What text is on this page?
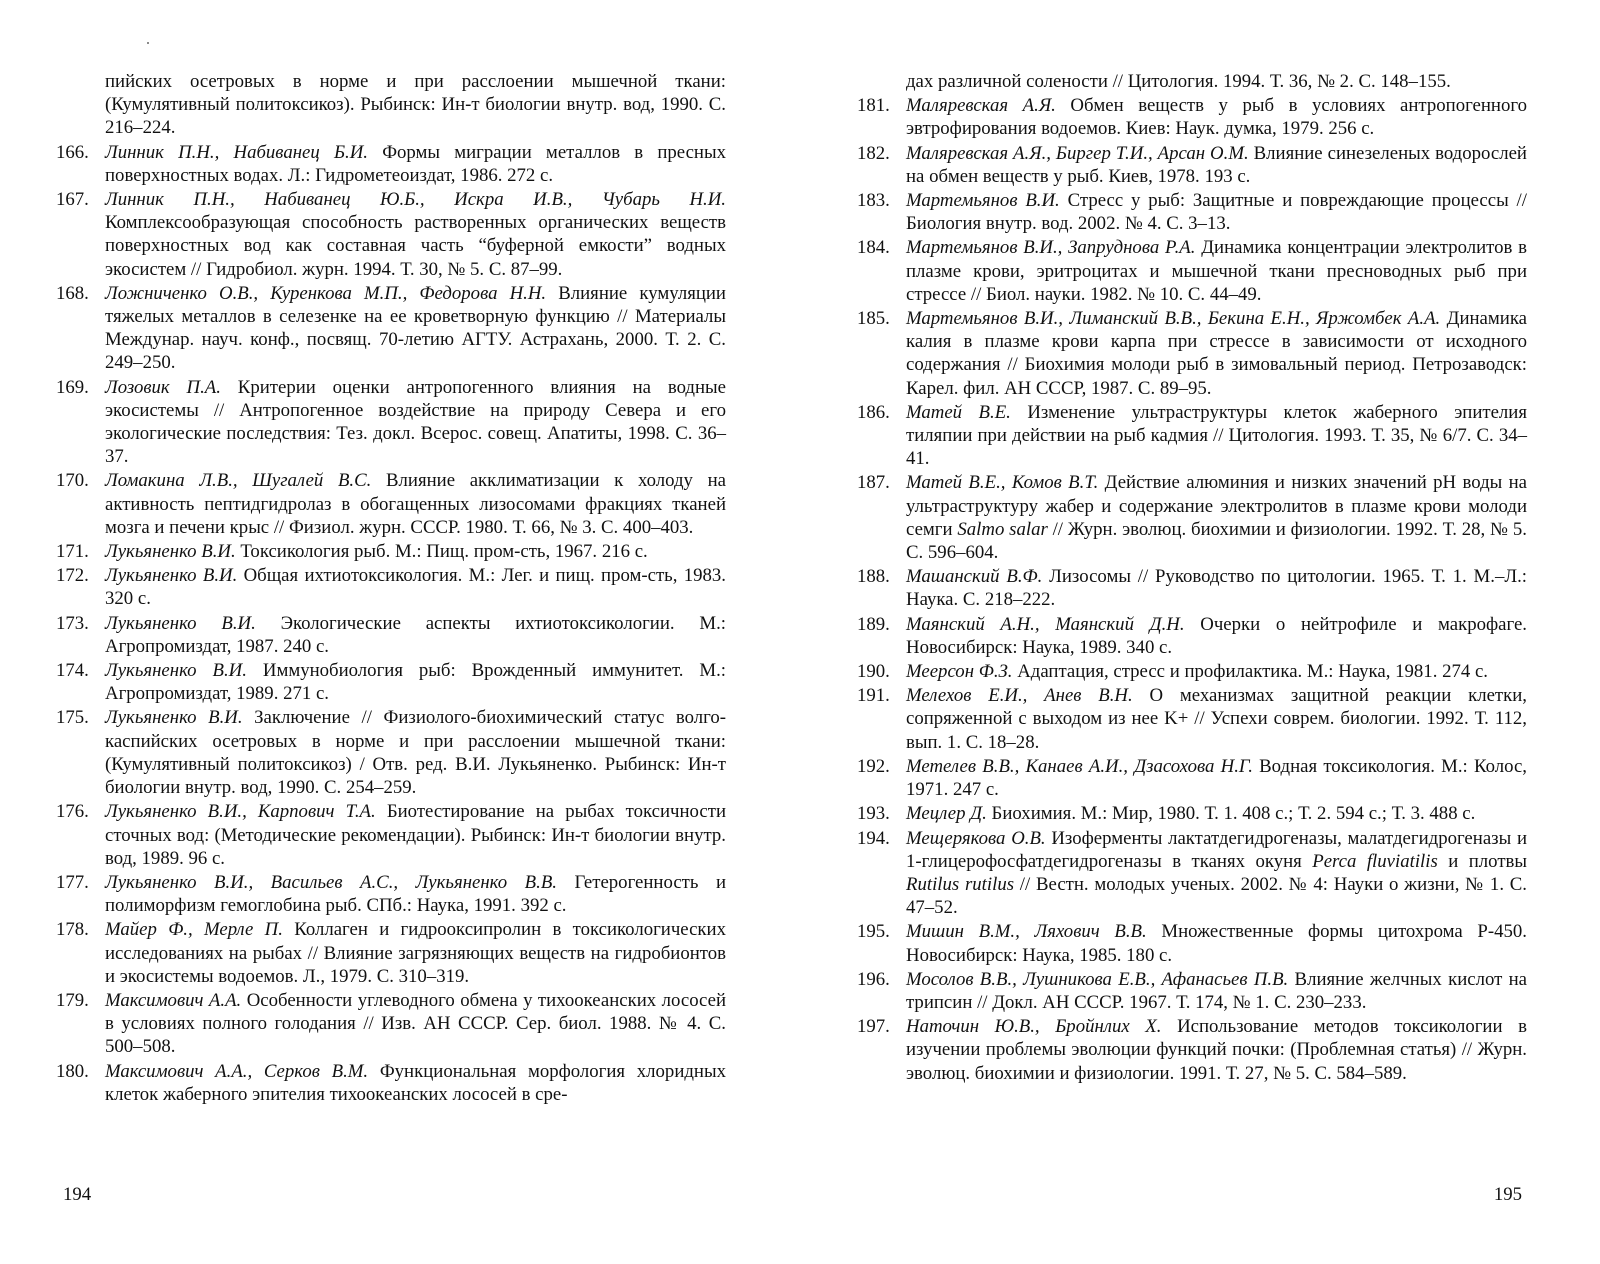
пийских осетровых в норме и при расслоении мышечной ткани: (Кумулятивный политоксикоз). Рыбинск: Ин-т биологии внутр. вод, 1990. С. 216–224.

166. Линник П.Н., Набиванец Б.И. Формы миграции металлов в пресных поверхностных водах. Л.: Гидрометеоиздат, 1986. 272 с.

167. Линник П.Н., Набиванец Ю.Б., Искра И.В., Чубарь Н.И. Комплексообразующая способность растворенных органических веществ поверхностных вод как составная часть “буферной емкости” водных экосистем // Гидробиол. журн. 1994. Т. 30, № 5. С. 87–99.

168. Ложниченко О.В., Куренкова М.П., Федорова Н.Н. Влияние кумуляции тяжелых металлов в селезенке на ее кроветворную функцию // Материалы Междунар. науч. конф., посвящ. 70-летию АГТУ. Астрахань, 2000. Т. 2. С. 249–250.

169. Лозовик П.А. Критерии оценки антропогенного влияния на водные экосистемы // Антропогенное воздействие на природу Севера и его экологические последствия: Тез. докл. Всерос. совещ. Апатиты, 1998. С. 36–37.

170. Ломакина Л.В., Шугалей В.С. Влияние акклиматизации к холоду на активность пептидгидролаз в обогащенных лизосомами фракциях тканей мозга и печени крыс // Физиол. журн. СССР. 1980. Т. 66, № 3. С. 400–403.

171. Лукьяненко В.И. Токсикология рыб. М.: Пищ. пром-сть, 1967. 216 с.

172. Лукьяненко В.И. Общая ихтиотоксикология. М.: Лег. и пищ. пром-сть, 1983. 320 с.

173. Лукьяненко В.И. Экологические аспекты ихтиотоксикологии. М.: Агропромиздат, 1987. 240 с.

174. Лукьяненко В.И. Иммунобиология рыб: Врожденный иммунитет. М.: Агропромиздат, 1989. 271 с.

175. Лукьяненко В.И. Заключение // Физиолого-биохимический статус волго-каспийских осетровых в норме и при расслоении мышечной ткани: (Кумулятивный политоксикоз) / Отв. ред. В.И. Лукьяненко. Рыбинск: Ин-т биологии внутр. вод, 1990. С. 254–259.

176. Лукьяненко В.И., Карпович Т.А. Биотестирование на рыбах токсичности сточных вод: (Методические рекомендации). Рыбинск: Ин-т биологии внутр. вод, 1989. 96 с.

177. Лукьяненко В.И., Васильев А.С., Лукьяненко В.В. Гетерогенность и полиморфизм гемоглобина рыб. СПб.: Наука, 1991. 392 с.

178. Майер Ф., Мерле П. Коллаген и гидрооксипролин в токсикологических исследованиях на рыбах // Влияние загрязняющих веществ на гидробионтов и экосистемы водоемов. Л., 1979. С. 310–319.

179. Максимович А.А. Особенности углеводного обмена у тихоокеанских лососей в условиях полного голодания // Изв. АН СССР. Сер. биол. 1988. № 4. С. 500–508.

180. Максимович А.А., Серков В.М. Функциональная морфология хлоридных клеток жаберного эпителия тихоокеанских лососей в сре-

194

дах различной солености // Цитология. 1994. Т. 36, № 2. С. 148–155.

181. Маляревская А.Я. Обмен веществ у рыб в условиях антропогенного эвтрофирования водоемов. Киев: Наук. думка, 1979. 256 с.

182. Маляревская А.Я., Биргер Т.И., Арсан О.М. Влияние синезеленых водорослей на обмен веществ у рыб. Киев, 1978. 193 с.

183. Мартемьянов В.И. Стресс у рыб: Защитные и повреждающие процессы // Биология внутр. вод. 2002. № 4. С. 3–13.

184. Мартемьянов В.И., Запруднова Р.А. Динамика концентрации электролитов в плазме крови, эритроцитах и мышечной ткани пресноводных рыб при стрессе // Биол. науки. 1982. № 10. С. 44–49.

185. Мартемьянов В.И., Лиманский В.В., Бекина Е.Н., Яржомбек А.А. Динамика калия в плазме крови карпа при стрессе в зависимости от исходного содержания // Биохимия молоди рыб в зимовальный период. Петрозаводск: Карел. фил. АН СССР, 1987. С. 89–95.

186. Матей В.Е. Изменение ультраструктуры клеток жаберного эпителия тиляпии при действии на рыб кадмия // Цитология. 1993. Т. 35, № 6/7. С. 34–41.

187. Матей В.Е., Комов В.Т. Действие алюминия и низких значений pH воды на ультраструктуру жабер и содержание электролитов в плазме крови молоди семги Salmo salar // Журн. эволюц. биохимии и физиологии. 1992. Т. 28, № 5. С. 596–604.

188. Машанский В.Ф. Лизосомы // Руководство по цитологии. 1965. Т. 1. М.–Л.: Наука. С. 218–222.

189. Маянский А.Н., Маянский Д.Н. Очерки о нейтрофиле и макрофаге. Новосибирск: Наука, 1989. 340 с.

190. Меерсон Ф.З. Адаптация, стресс и профилактика. М.: Наука, 1981. 274 с.

191. Мелехов Е.И., Анев В.Н. О механизмах защитной реакции клетки, сопряженной с выходом из нее K+ // Успехи соврем. биологии. 1992. Т. 112, вып. 1. С. 18–28.

192. Метелев В.В., Канаев А.И., Дзасохова Н.Г. Водная токсикология. М.: Колос, 1971. 247 с.

193. Мецлер Д. Биохимия. М.: Мир, 1980. Т. 1. 408 с.; Т. 2. 594 с.; Т. 3. 488 с.

194. Мещерякова О.В. Изоферменты лактатдегидрогеназы, малатдегидрогеназы и 1-глицерофосфатдегидрогеназы в тканях окуня Perca fluviatilis и плотвы Rutilus rutilus // Вестн. молодых ученых. 2002. № 4: Науки о жизни, № 1. С. 47–52.

195. Мишин В.М., Ляхович В.В. Множественные формы цитохрома P-450. Новосибирск: Наука, 1985. 180 с.

196. Мосолов В.В., Лушникова Е.В., Афанасьев П.В. Влияние желчных кислот на трипсин // Докл. АН СССР. 1967. Т. 174, № 1. С. 230–233.

197. Наточин Ю.В., Бройнлих Х. Использование методов токсикологии в изучении проблемы эволюции функций почки: (Проблемная статья) // Журн. эволюц. биохимии и физиологии. 1991. Т. 27, № 5. С. 584–589.

195
